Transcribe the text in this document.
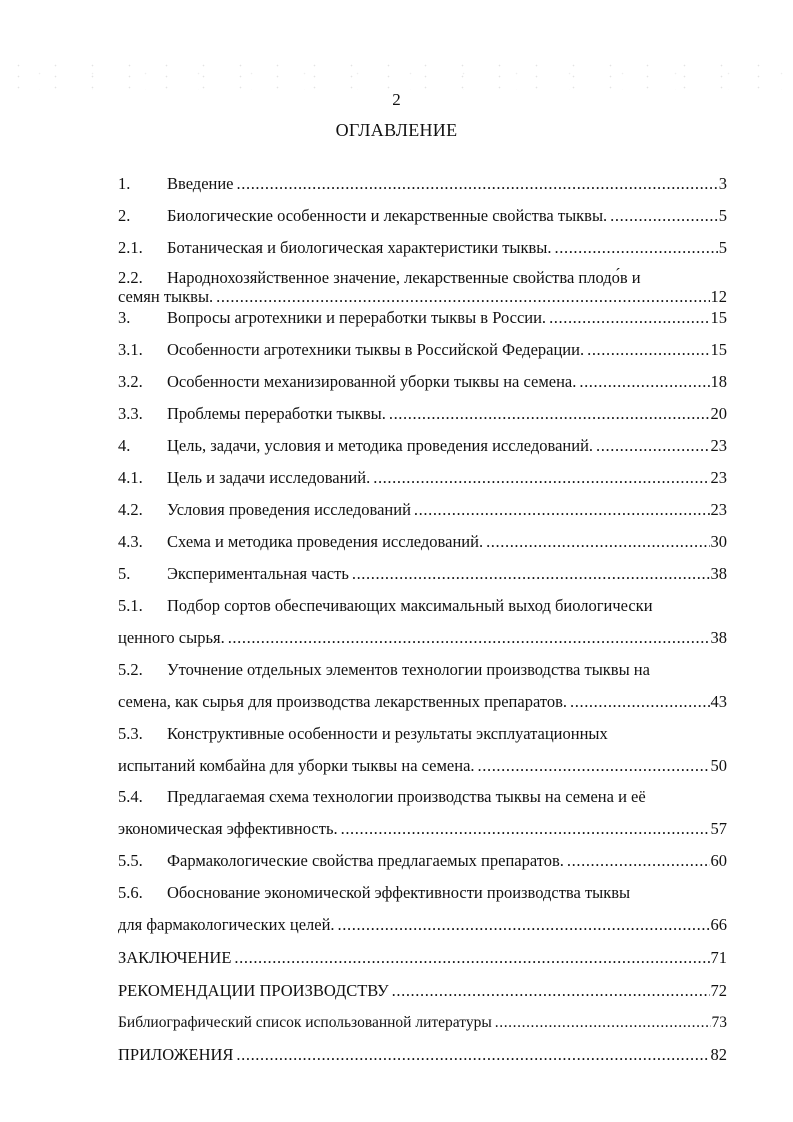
2
ОГЛАВЛЕНИЕ
1.	Введение .....	3
2.	Биологические особенности и лекарственные свойства тыквы. .....	5
2.1.	Ботаническая и биологическая характеристики тыквы. .....	5
2.2.	Народнохозяйственное значение, лекарственные свойства плодо́в и
семян тыквы. .....	12
3.	Вопросы агротехники и переработки тыквы в России. .....	15
3.1.	Особенности агротехники тыквы в Российской Федерации. .....	15
3.2.	Особенности механизированной уборки тыквы на семена. .....	18
3.3.	Проблемы переработки тыквы. .....	20
4.	Цель, задачи, условия и методика проведения исследований. .....	23
4.1.	Цель и задачи исследований. .....	23
4.2.	Условия проведения исследований .....	23
4.3.	Схема и методика проведения исследований. .....	30
5.	Экспериментальная часть .....	38
5.1.	Подбор сортов обеспечивающих максимальный выход биологически
ценного сырья. .....	38
5.2.	Уточнение отдельных элементов технологии производства тыквы на
семена, как сырья для производства лекарственных препаратов. .....	43
5.3.	Конструктивные особенности и результаты эксплуатационных
испытаний комбайна для уборки тыквы на семена. .....	50
5.4.	Предлагаемая схема технологии производства тыквы на семена и её
экономическая эффективность. .....	57
5.5.	Фармакологические свойства предлагаемых препаратов. .....	60
5.6.	Обоснование экономической эффективности производства тыквы
для фармакологических целей. .....	66
ЗАКЛЮЧЕНИЕ .....	71
РЕКОМЕНДАЦИИ ПРОИЗВОДСТВУ .....	72
Библиографический список использованной литературы .....	73
ПРИЛОЖЕНИЯ .....	82
